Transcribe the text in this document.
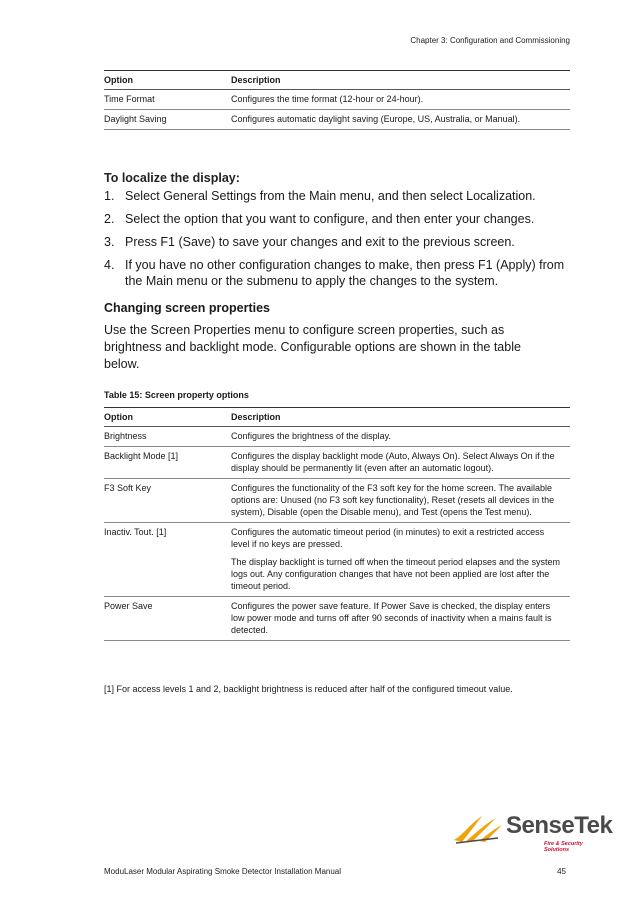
Chapter 3: Configuration and Commissioning
Option	Description
Time Format	Configures the time format (12-hour or 24-hour).
Daylight Saving	Configures automatic daylight saving (Europe, US, Australia, or Manual).
To localize the display:
1. Select General Settings from the Main menu, and then select Localization.
2. Select the option that you want to configure, and then enter your changes.
3. Press F1 (Save) to save your changes and exit to the previous screen.
4. If you have no other configuration changes to make, then press F1 (Apply) from the Main menu or the submenu to apply the changes to the system.
Changing screen properties

Use the Screen Properties menu to configure screen properties, such as brightness and backlight mode. Configurable options are shown in the table below.

Table 15: Screen property options
Option	Description
Brightness	Configures the brightness of the display.
Backlight Mode [1]	Configures the display backlight mode (Auto, Always On). Select Always On if the display should be permanently lit (even after an automatic logout).
F3 Soft Key	Configures the functionality of the F3 soft key for the home screen. The available options are: Unused (no F3 soft key functionality), Reset (resets all devices in the system), Disable (open the Disable menu), and Test (opens the Test menu).
Inactiv. Tout. [1]	Configures the automatic timeout period (in minutes) to exit a restricted access level if no keys are pressed.
The display backlight is turned off when the timeout period elapses and the system logs out. Any configuration changes that have not been applied are lost after the timeout period.

Power Save	Configures the power save feature. If Power Save is checked, the display enters low power mode and turns off after 90 seconds of inactivity when a mains fault is detected.

[1] For access levels 1 and 2, backlight brightness is reduced after half of the configured timeout value.

SenseTek
Fire & Security Solutions
ModuLaser Modular Aspirating Smoke Detector Installation Manual	45
